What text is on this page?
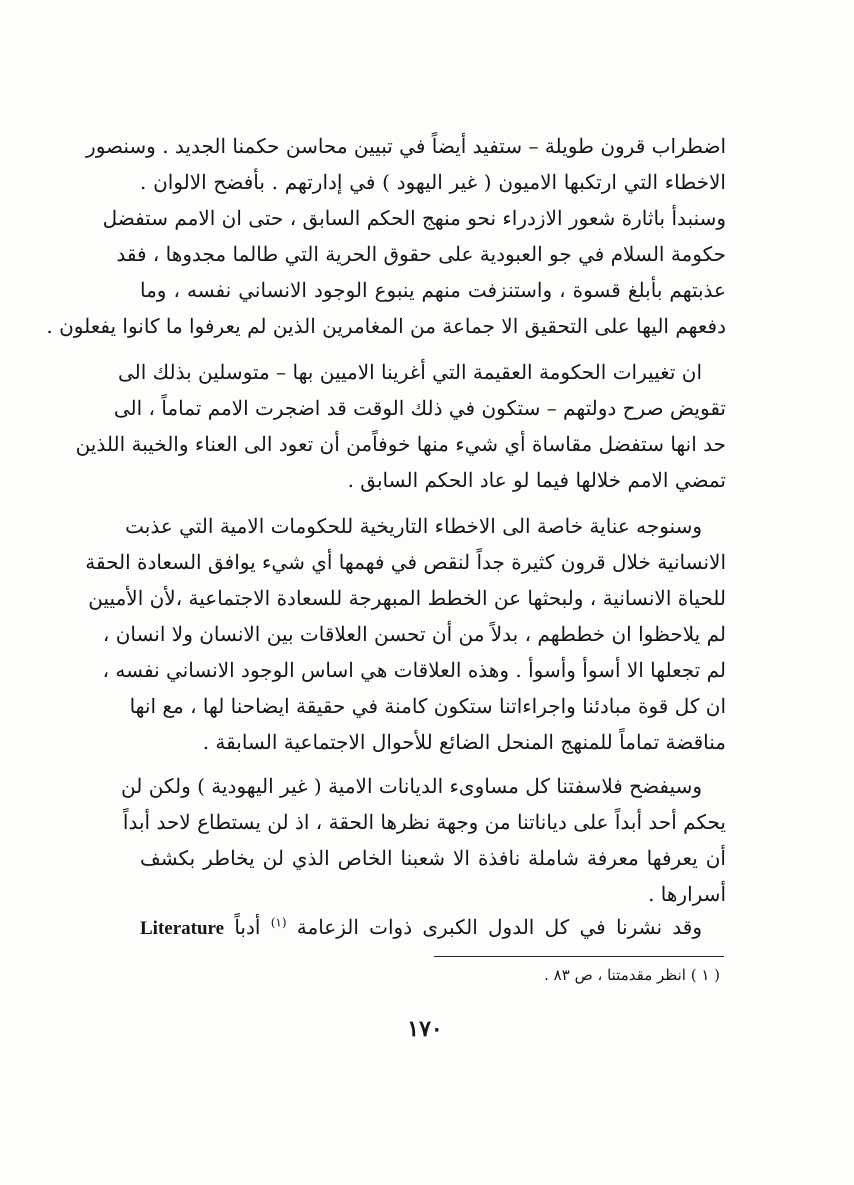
اضطراب قرون طويلة – ستفيد أيضاً في تبيين محاسن حكمنا الجديد . وسنصور
الاخطاء التي ارتكبها الاميون ( غير اليهود ) في إدارتهم . بأفضح الالوان .
وسنبدأ باثارة شعور الازدراء نحو منهج الحكم السابق ، حتى ان الامم ستفضل
حكومة السلام في جو العبودية على حقوق الحرية التي طالما مجدوها ، فقد
عذبتهم بأبلغ قسوة ، واستنزفت منهم ينبوع الوجود الانساني نفسه ، وما
دفعهم اليها على التحقيق الا جماعة من المغامرين الذين لم يعرفوا ما كانوا يفعلون .
ان تغييرات الحكومة العقيمة التي أغرينا الاميين بها – متوسلين بذلك الى
تقويض صرح دولتهم – ستكون في ذلك الوقت قد اضجرت الامم تماماً ، الى
حد انها ستفضل مقاساة أي شيء منها خوفاًمن أن تعود الى العناء والخيبة اللذين
تمضي الامم خلالها فيما لو عاد الحكم السابق .
وسنوجه عناية خاصة الى الاخطاء التاريخية للحكومات الامية التي عذبت
الانسانية خلال قرون كثيرة جداً لنقص في فهمها أي شيء يوافق السعادة الحقة
للحياة الانسانية ، ولبحثها عن الخطط المبهرجة للسعادة الاجتماعية ،لأن الأميين
لم يلاحظوا ان خططهم ، بدلاً من أن تحسن العلاقات بين الانسان ولا انسان ،
لم تجعلها الا أسوأ وأسوأ . وهذه العلاقات هي اساس الوجود الانساني نفسه ،
ان كل قوة مبادئنا واجراءاتنا ستكون كامنة في حقيقة ايضاحنا لها ، مع انها
مناقضة تماماً للمنهج المنحل الضائع للأحوال الاجتماعية السابقة .
وسيفضح فلاسفتنا كل مساوىء الديانات الامية ( غير اليهودية ) ولكن لن
يحكم أحد أبداً على دياناتنا من وجهة نظرها الحقة ، اذ لن يستطاع لاحد أبداً
أن يعرفها معرفة شاملة نافذة الا شعبنا الخاص الذي لن يخاطر بكشف
أسرارها .
وقد نشرنا في كل الدول الكبرى ذوات الزعامة $^{(١)}$ أدباً Literature
( ١ ) انظر مقدمتنا ، ص ٨٣ .
١٧٠
